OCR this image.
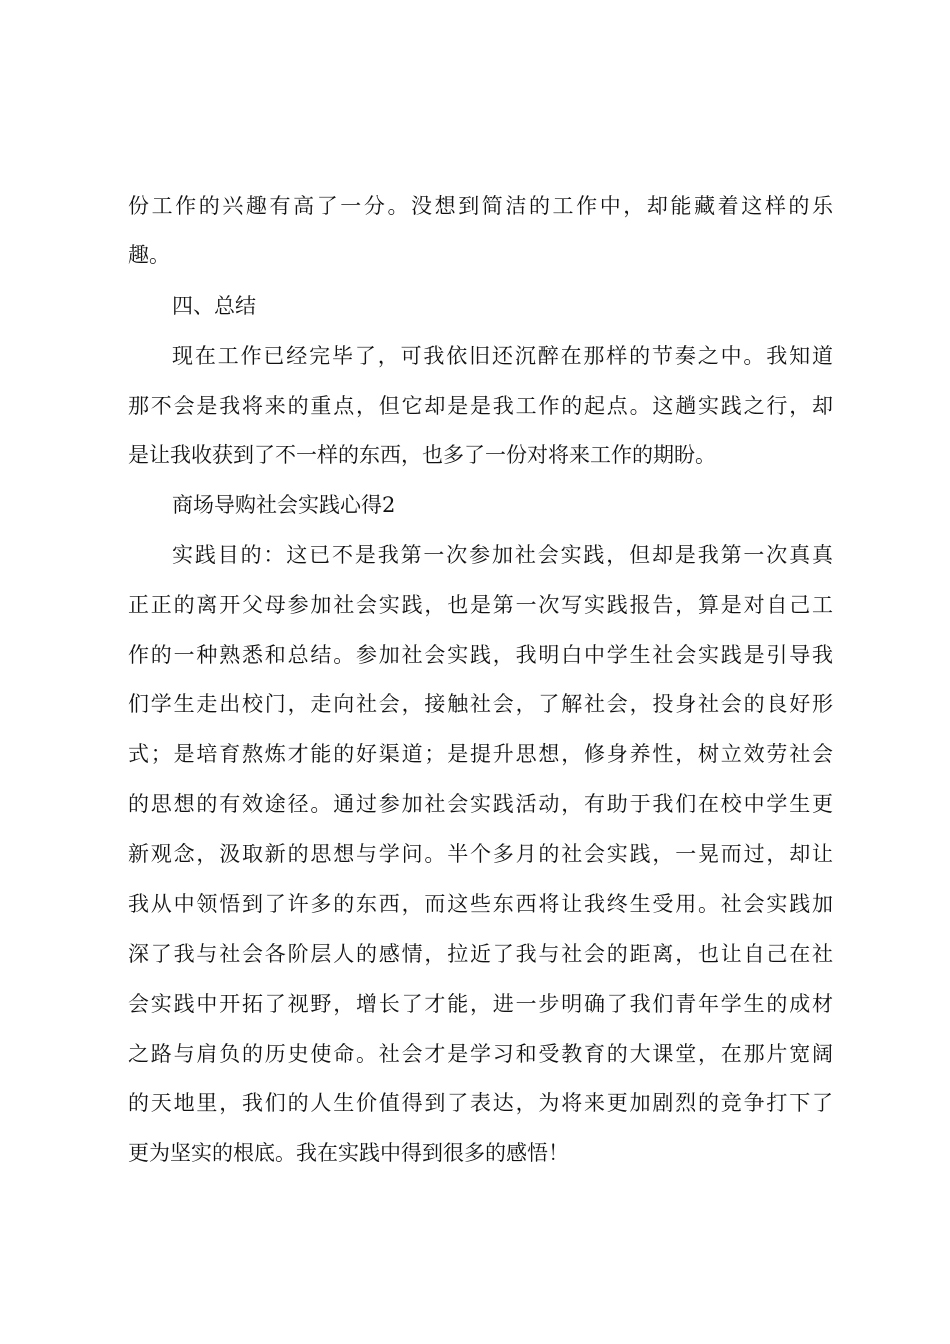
份工作的兴趣有高了一分。没想到简洁的工作中，却能藏着这样的乐
趣。
四、总结
现在工作已经完毕了，可我依旧还沉醉在那样的节奏之中。我知道
那不会是我将来的重点，但它却是是我工作的起点。这趟实践之行，却
是让我收获到了不一样的东西，也多了一份对将来工作的期盼。
商场导购社会实践心得2
实践目的：这已不是我第一次参加社会实践，但却是我第一次真真
正正的离开父母参加社会实践，也是第一次写实践报告，算是对自己工
作的一种熟悉和总结。参加社会实践，我明白中学生社会实践是引导我
们学生走出校门，走向社会，接触社会，了解社会，投身社会的良好形
式；是培育熬炼才能的好渠道；是提升思想，修身养性，树立效劳社会
的思想的有效途径。通过参加社会实践活动，有助于我们在校中学生更
新观念，汲取新的思想与学问。半个多月的社会实践，一晃而过，却让
我从中领悟到了许多的东西，而这些东西将让我终生受用。社会实践加
深了我与社会各阶层人的感情，拉近了我与社会的距离，也让自己在社
会实践中开拓了视野，增长了才能，进一步明确了我们青年学生的成材
之路与肩负的历史使命。社会才是学习和受教育的大课堂，在那片宽阔
的天地里，我们的人生价值得到了表达，为将来更加剧烈的竞争打下了
更为坚实的根底。我在实践中得到很多的感悟！
